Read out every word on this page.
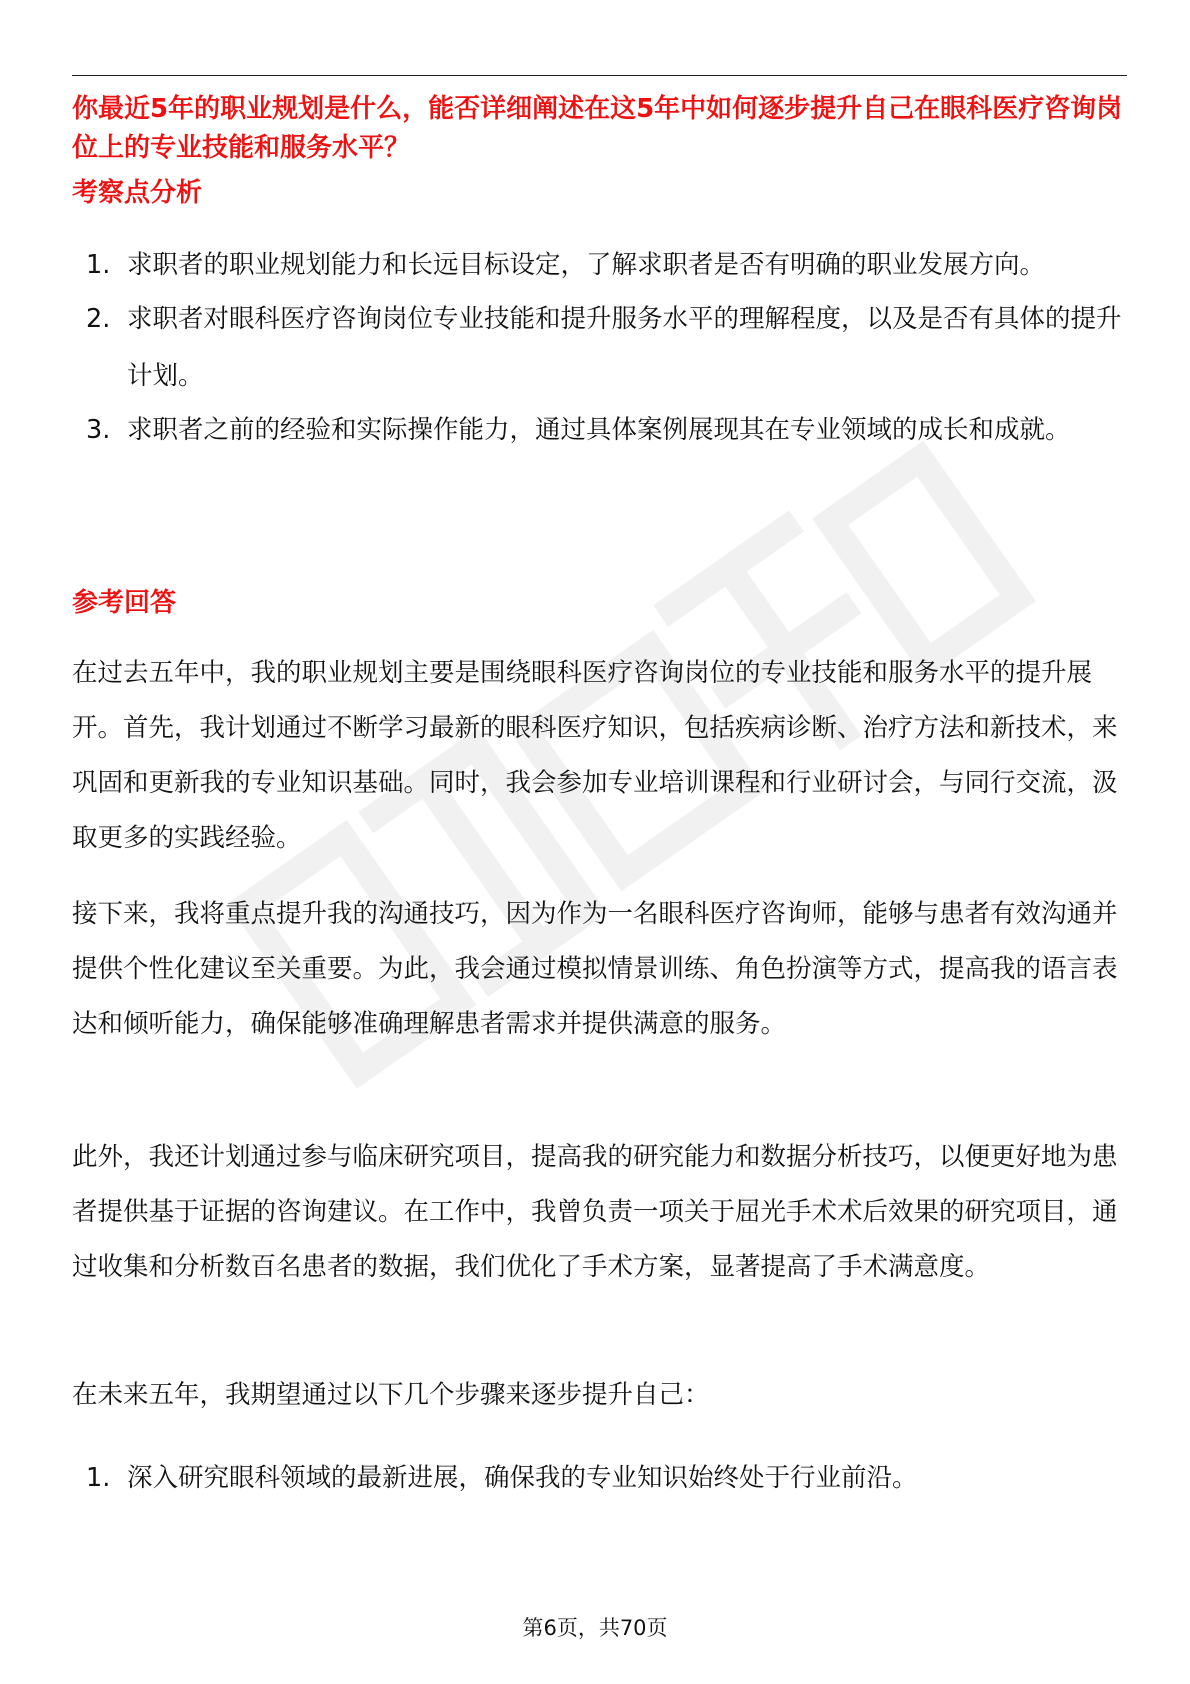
你最近5年的职业规划是什么，能否详细阐述在这5年中如何逐步提升自己在眼科医疗咨询岗位上的专业技能和服务水平？

考察点分析
1. 求职者的职业规划能力和长远目标设定，了解求职者是否有明确的职业发展方向。
2. 求职者对眼科医疗咨询岗位专业技能和提升服务水平的理解程度，以及是否有具体的提升计划。
3. 求职者之前的经验和实际操作能力，通过具体案例展现其在专业领域的成长和成就。
参考回答

在过去五年中，我的职业规划主要是围绕眼科医疗咨询岗位的专业技能和服务水平的提升展开。首先，我计划通过不断学习最新的眼科医疗知识，包括疾病诊断、治疗方法和新技术，来巩固和更新我的专业知识基础。同时，我会参加专业培训课程和行业研讨会，与同行交流，汲取更多的实践经验。

接下来，我将重点提升我的沟通技巧，因为作为一名眼科医疗咨询师，能够与患者有效沟通并提供个性化建议至关重要。为此，我会通过模拟情景训练、角色扮演等方式，提高我的语言表达和倾听能力，确保能够准确理解患者需求并提供满意的服务。

此外，我还计划通过参与临床研究项目，提高我的研究能力和数据分析技巧，以便更好地为患者提供基于证据的咨询建议。在工作中，我曾负责一项关于屈光手术术后效果的研究项目，通过收集和分析数百名患者的数据，我们优化了手术方案，显著提高了手术满意度。

在未来五年，我期望通过以下几个步骤来逐步提升自己：

1. 深入研究眼科领域的最新进展，确保我的专业知识始终处于行业前沿。
第6页，共70页
